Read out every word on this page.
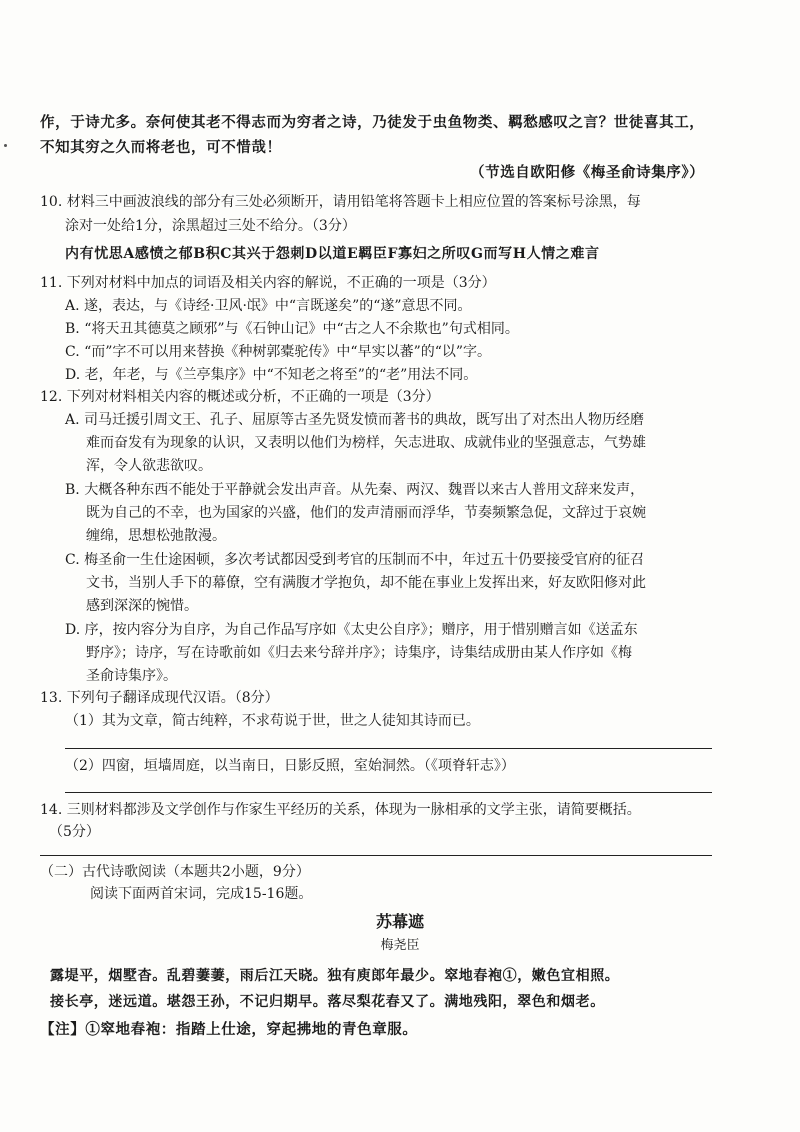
作，于诗尤多。奈何使其老不得志而为穷者之诗，乃徒发于虫鱼物类、羁愁感叹之言？世徒喜其工，
不知其穷之久而将老也，可不惜哉！
（节选自欧阳修《梅圣俞诗集序》）
10. 材料三中画波浪线的部分有三处必须断开，请用铅笔将答题卡上相应位置的答案标号涂黑，每
涂对一处给1分，涂黑超过三处不给分。（3分）
内有忧思A感愤之郁B积C其兴于怨刺D以道E羁臣F寡妇之所叹G而写H人情之难言
11. 下列对材料中加点的词语及相关内容的解说，不正确的一项是（3分）
A. 遂，表达，与《诗经·卫风·氓》中“言既遂矣”的“遂”意思不同。
B. “将天丑其德莫之顾邪”与《石钟山记》中“古之人不余欺也”句式相同。
C. “而”字不可以用来替换《种树郭橐驼传》中“早实以蕃”的“以”字。
D. 老，年老，与《兰亭集序》中“不知老之将至”的“老”用法不同。
12. 下列对材料相关内容的概述或分析，不正确的一项是（3分）
A. 司马迁援引周文王、孔子、屈原等古圣先贤发愤而著书的典故，既写出了对杰出人物历经磨
难而奋发有为现象的认识，又表明以他们为榜样，矢志进取、成就伟业的坚强意志，气势雄
浑，令人欲悲欲叹。
B. 大概各种东西不能处于平静就会发出声音。从先秦、两汉、魏晋以来古人普用文辞来发声，
既为自己的不幸，也为国家的兴盛，他们的发声清丽而浮华，节奏频繁急促，文辞过于哀婉
缠绵，思想松弛散漫。
C. 梅圣俞一生仕途困顿，多次考试都因受到考官的压制而不中，年过五十仍要接受官府的征召
文书，当别人手下的幕僚，空有满腹才学抱负，却不能在事业上发挥出来，好友欧阳修对此
感到深深的惋惜。
D. 序，按内容分为自序，为自己作品写序如《太史公自序》；赠序，用于惜别赠言如《送孟东
野序》；诗序，写在诗歌前如《归去来兮辞并序》；诗集序，诗集结成册由某人作序如《梅
圣俞诗集序》。
13. 下列句子翻译成现代汉语。（8分）
（1）其为文章，简古纯粹，不求苟说于世，世之人徒知其诗而已。
（2）四窗，垣墙周庭，以当南日，日影反照，室始洞然。（《项脊轩志》）
14. 三则材料都涉及文学创作与作家生平经历的关系，体现为一脉相承的文学主张，请简要概括。
（5分）
（二）古代诗歌阅读（本题共2小题，9分）
阅读下面两首宋词，完成15-16题。
苏幕遮
梅尧臣
露堤平，烟墅杳。乱碧萋萋，雨后江天晓。独有庾郎年最少。窣地春袍①，嫩色宜相照。
接长亭，迷远道。堪怨王孙，不记归期早。落尽梨花春又了。满地残阳，翠色和烟老。
【注】①窣地春袍：指踏上仕途，穿起拂地的青色章服。
